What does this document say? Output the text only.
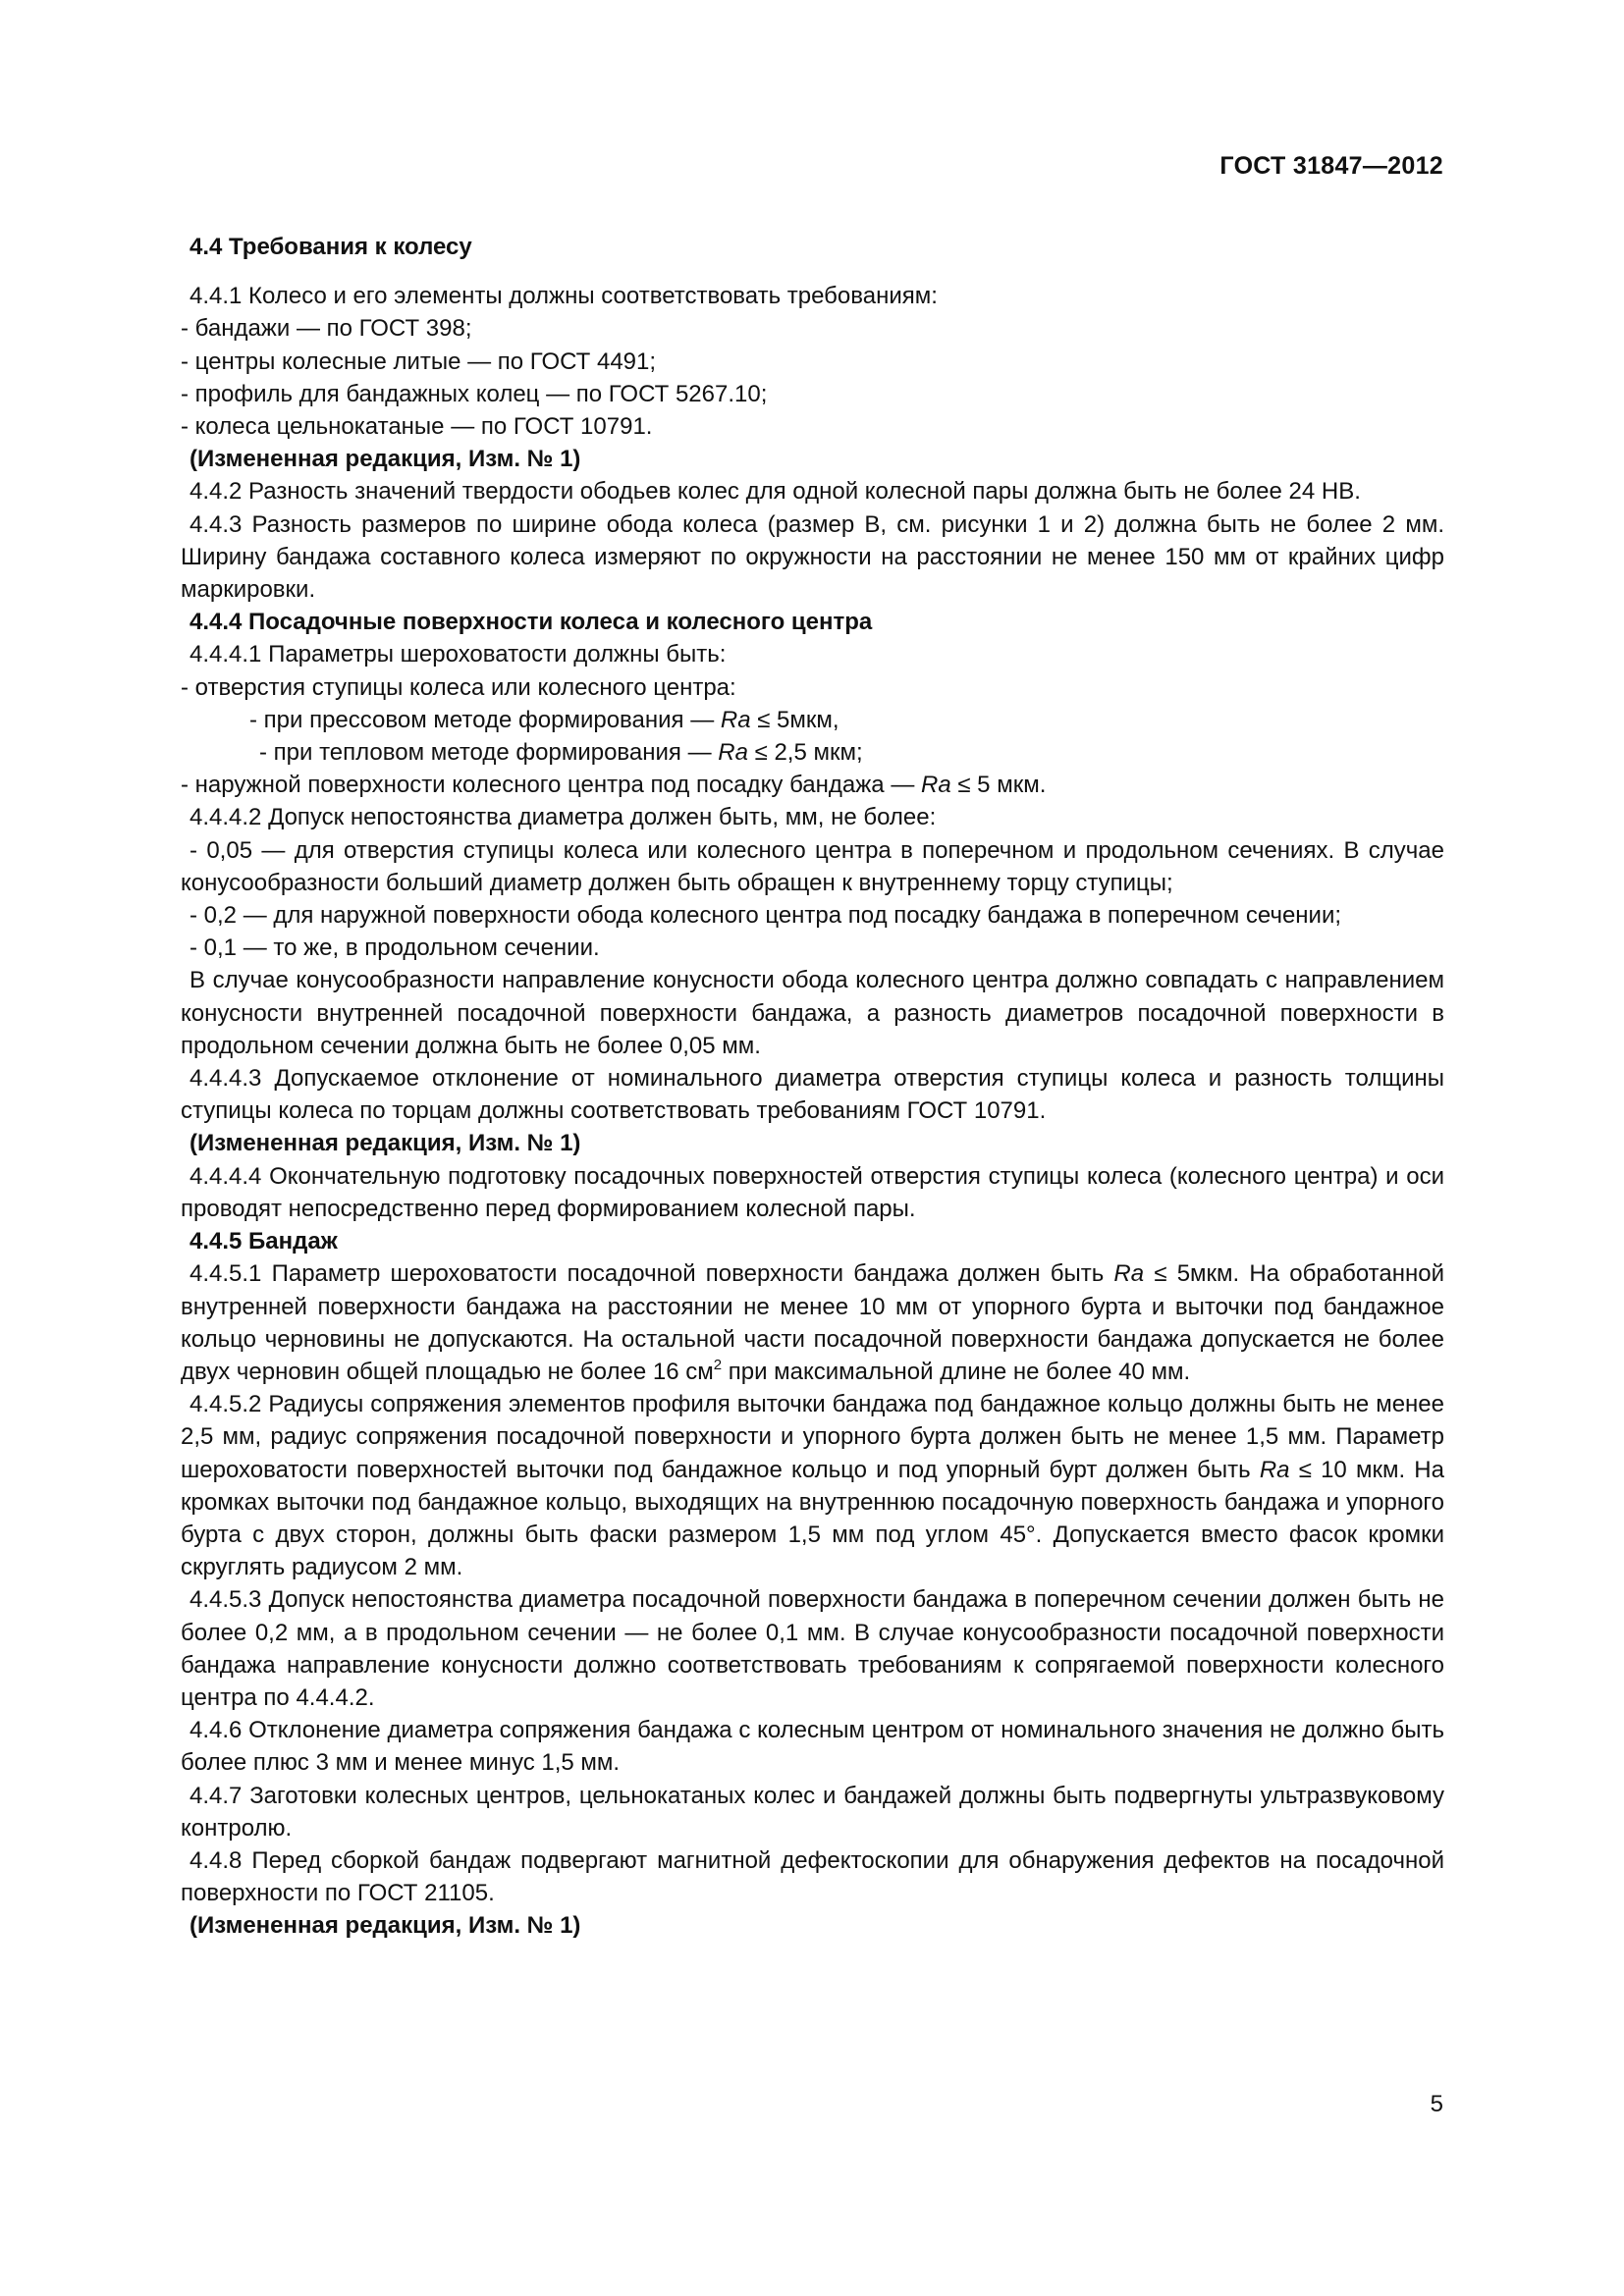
ГОСТ 31847—2012

4.4 Требования к колесу

4.4.1 Колесо и его элементы должны соответствовать требованиям:

- бандажи — по ГОСТ 398;

- центры колесные литые — по ГОСТ 4491;

- профиль для бандажных колец — по ГОСТ 5267.10;

- колеса цельнокатаные — по ГОСТ 10791.

(Измененная редакция, Изм. № 1)

4.4.2 Разность значений твердости ободьев колес для одной колесной пары должна быть не более 24 НВ.

4.4.3 Разность размеров по ширине обода колеса (размер В, см. рисунки 1 и 2) должна быть не более 2 мм. Ширину бандажа составного колеса измеряют по окружности на расстоянии не менее 150 мм от крайних цифр маркировки.

4.4.4 Посадочные поверхности колеса и колесного центра

4.4.4.1 Параметры шероховатости должны быть:

- отверстия ступицы колеса или колесного центра:

- при прессовом методе формирования — Ra ≤ 5мкм,

- при тепловом методе формирования — Ra ≤ 2,5 мкм;

- наружной поверхности колесного центра под посадку бандажа — Ra ≤ 5 мкм.

4.4.4.2 Допуск непостоянства диаметра должен быть, мм, не более:

- 0,05 — для отверстия ступицы колеса или колесного центра в поперечном и продольном сечениях. В случае конусообразности больший диаметр должен быть обращен к внутреннему торцу ступицы;

- 0,2 — для наружной поверхности обода колесного центра под посадку бандажа в поперечном сечении;

- 0,1 — то же, в продольном сечении.

В случае конусообразности направление конусности обода колесного центра должно совпадать с направлением конусности внутренней посадочной поверхности бандажа, а разность диаметров посадочной поверхности в продольном сечении должна быть не более 0,05 мм.

4.4.4.3 Допускаемое отклонение от номинального диаметра отверстия ступицы колеса и разность толщины ступицы колеса по торцам должны соответствовать требованиям ГОСТ 10791.

(Измененная редакция, Изм. № 1)

4.4.4.4 Окончательную подготовку посадочных поверхностей отверстия ступицы колеса (колесного центра) и оси проводят непосредственно перед формированием колесной пары.

4.4.5 Бандаж

4.4.5.1 Параметр шероховатости посадочной поверхности бандажа должен быть Ra ≤ 5мкм. На обработанной внутренней поверхности бандажа на расстоянии не менее 10 мм от упорного бурта и выточки под бандажное кольцо черновины не допускаются. На остальной части посадочной поверхности бандажа допускается не более двух черновин общей площадью не более 16 $см^2$ при максимальной длине не более 40 мм.

4.4.5.2 Радиусы сопряжения элементов профиля выточки бандажа под бандажное кольцо должны быть не менее 2,5 мм, радиус сопряжения посадочной поверхности и упорного бурта должен быть не менее 1,5 мм. Параметр шероховатости поверхностей выточки под бандажное кольцо и под упорный бурт должен быть Ra ≤ 10 мкм. На кромках выточки под бандажное кольцо, выходящих на внутреннюю посадочную поверхность бандажа и упорного бурта с двух сторон, должны быть фаски размером 1,5 мм под углом 45°. Допускается вместо фасок кромки скруглять радиусом 2 мм.

4.4.5.3 Допуск непостоянства диаметра посадочной поверхности бандажа в поперечном сечении должен быть не более 0,2 мм, а в продольном сечении — не более 0,1 мм. В случае конусообразности посадочной поверхности бандажа направление конусности должно соответствовать требованиям к сопрягаемой поверхности колесного центра по 4.4.4.2.

4.4.6 Отклонение диаметра сопряжения бандажа с колесным центром от номинального значения не должно быть более плюс 3 мм и менее минус 1,5 мм.

4.4.7 Заготовки колесных центров, цельнокатаных колес и бандажей должны быть подвергнуты ультразвуковому контролю.

4.4.8 Перед сборкой бандаж подвергают магнитной дефектоскопии для обнаружения дефектов на посадочной поверхности по ГОСТ 21105.

(Измененная редакция, Изм. № 1)

5
